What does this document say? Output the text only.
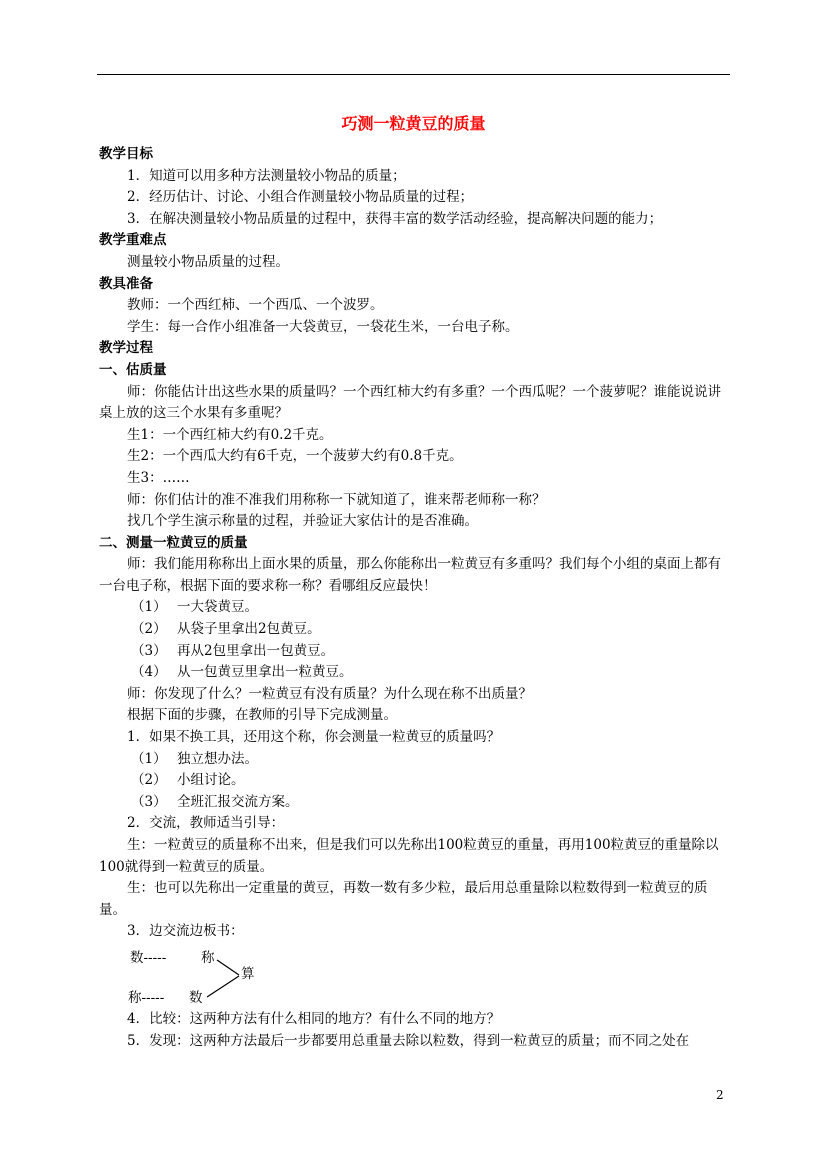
巧测一粒黄豆的质量

教学目标

1．知道可以用多种方法测量较小物品的质量；

2．经历估计、讨论、小组合作测量较小物品质量的过程；

3．在解决测量较小物品质量的过程中，获得丰富的数学活动经验，提高解决问题的能力；

教学重难点

测量较小物品质量的过程。

教具准备

教师：一个西红柿、一个西瓜、一个波罗。

学生：每一合作小组准备一大袋黄豆，一袋花生米，一台电子称。

教学过程

一、估质量

师：你能估计出这些水果的质量吗？一个西红柿大约有多重？一个西瓜呢？一个菠萝呢？谁能说说讲桌上放的这三个水果有多重呢？

生1：一个西红柿大约有0.2千克。

生2：一个西瓜大约有6千克，一个菠萝大约有0.8千克。

生3：……

师：你们估计的准不准我们用称称一下就知道了，谁来帮老师称一称？

找几个学生演示称量的过程，并验证大家估计的是否准确。

二、测量一粒黄豆的质量

师：我们能用称称出上面水果的质量，那么你能称出一粒黄豆有多重吗？我们每个小组的桌面上都有一台电子称，根据下面的要求称一称？看哪组反应最快！

（1） 一大袋黄豆。

（2） 从袋子里拿出2包黄豆。

（3） 再从2包里拿出一包黄豆。

（4） 从一包黄豆里拿出一粒黄豆。

师：你发现了什么？一粒黄豆有没有质量？为什么现在称不出质量？

根据下面的步骤，在教师的引导下完成测量。

1．如果不换工具，还用这个称，你会测量一粒黄豆的质量吗？

（1） 独立想办法。

（2） 小组讨论。

（3） 全班汇报交流方案。

2．交流，教师适当引导：

生：一粒黄豆的质量称不出来，但是我们可以先称出100粒黄豆的重量，再用100粒黄豆的重量除以100就得到一粒黄豆的质量。

生：也可以先称出一定重量的黄豆，再数一数有多少粒，最后用总重量除以粒数得到一粒黄豆的质量。

3．边交流边板书：

数-----	称
称----- 数
算

4．比较：这两种方法有什么相同的地方？有什么不同的地方？

5．发现：这两种方法最后一步都要用总重量去除以粒数，得到一粒黄豆的质量；而不同之处在

2
